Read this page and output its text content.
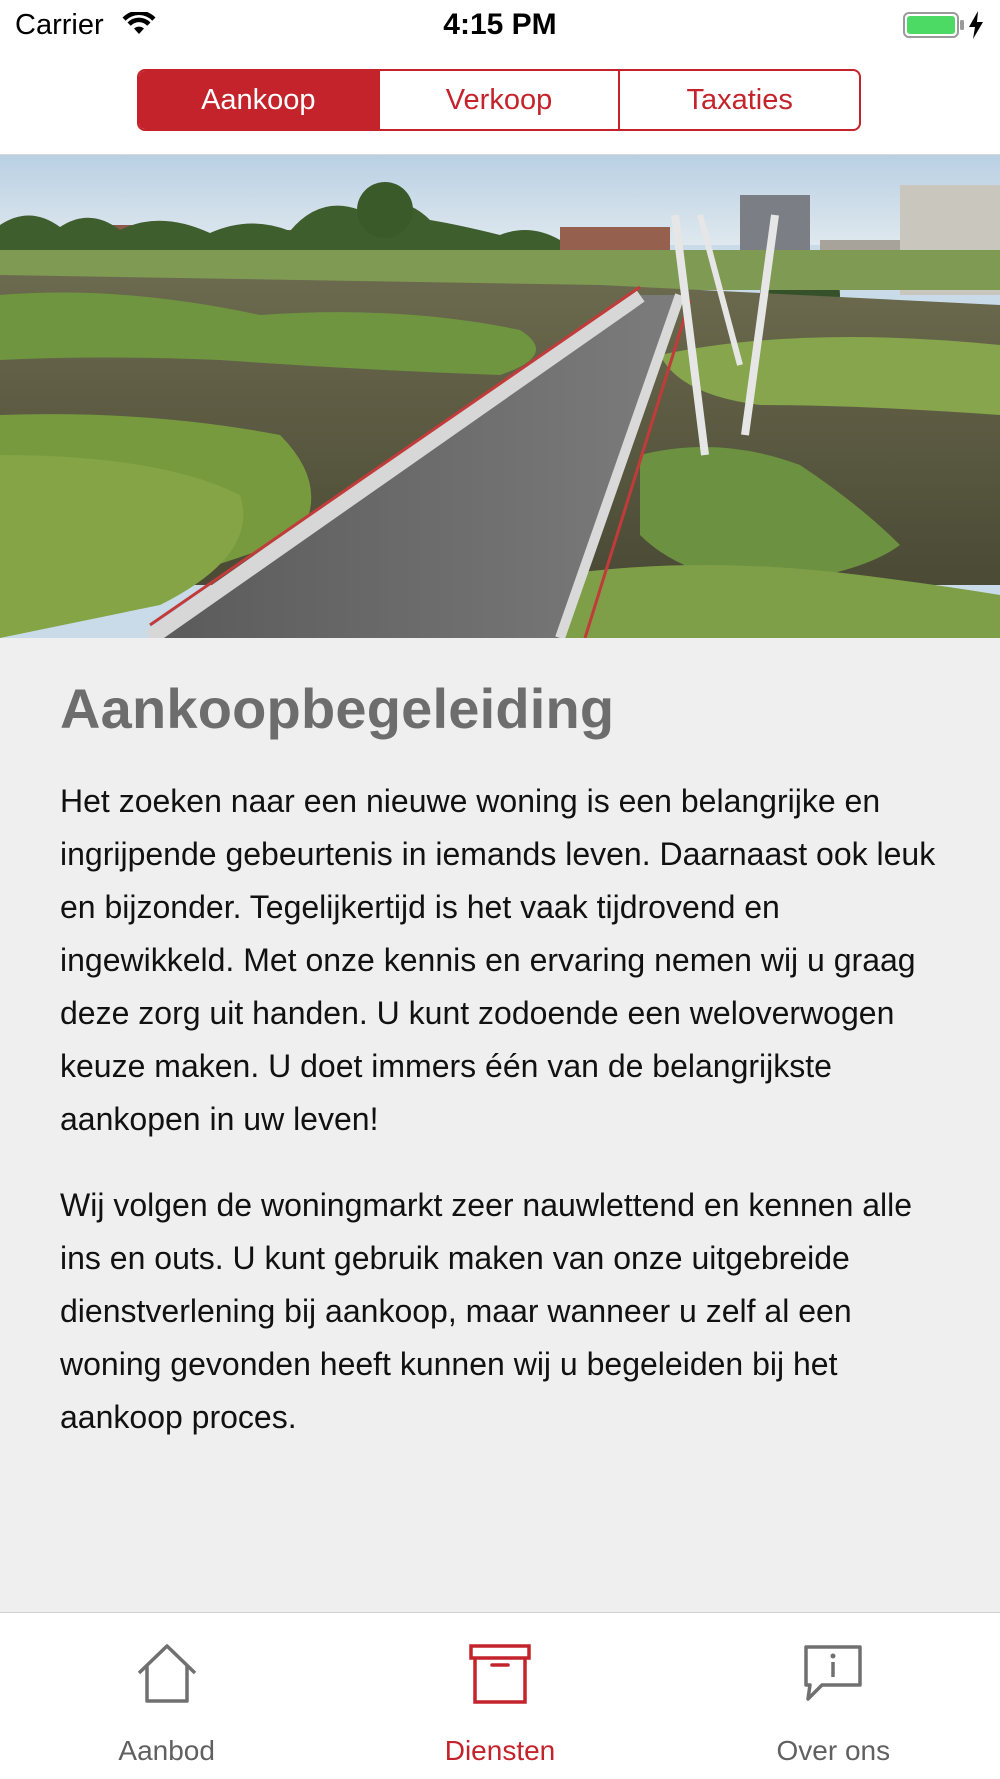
Carrier	4:15 PM
Aankoop	Verkoop	Taxaties
Aankoopbegeleiding

Het zoeken naar een nieuwe woning is een belangrijke en ingrijpende gebeurtenis in iemands leven. Daarnaast ook leuk en bijzonder. Tegelijkertijd is het vaak tijdrovend en ingewikkeld. Met onze kennis en ervaring nemen wij u graag deze zorg uit handen. U kunt zodoende een weloverwogen keuze maken. U doet immers één van de belangrijkste aankopen in uw leven!

Wij volgen de woningmarkt zeer nauwlettend en kennen alle ins en outs. U kunt gebruik maken van onze uitgebreide dienstverlening bij aankoop, maar wanneer u zelf al een woning gevonden heeft kunnen wij u begeleiden bij het aankoop proces.

Aanbod	Diensten	Over ons
